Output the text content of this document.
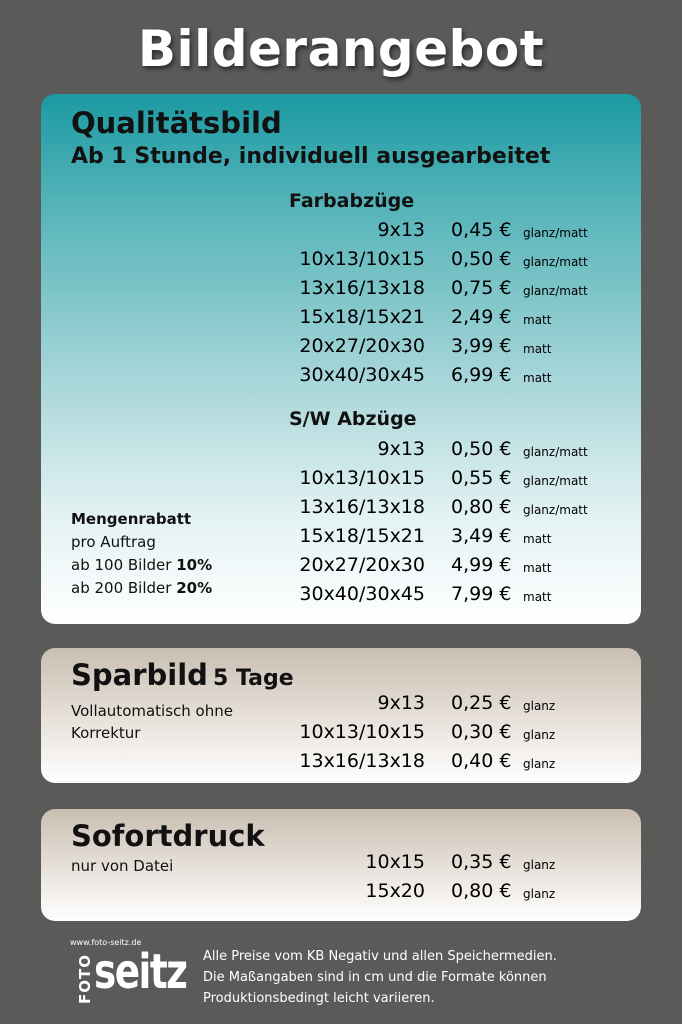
Bilderangebot
Qualitätsbild
Ab 1 Stunde, individuell ausgearbeitet
Farbabzüge
9x13 0,45 € glanz/matt
10x13/10x15 0,50 € glanz/matt
13x16/13x18 0,75 € glanz/matt
15x18/15x21 2,49 € matt
20x27/20x30 3,99 € matt
30x40/30x45 6,99 € matt
S/W Abzüge
9x13 0,50 € glanz/matt
10x13/10x15 0,55 € glanz/matt
13x16/13x18 0,80 € glanz/matt
15x18/15x21 3,49 € matt
20x27/20x30 4,99 € matt
30x40/30x45 7,99 € matt
Mengenrabatt
pro Auftrag
ab 100 Bilder 10%
ab 200 Bilder 20%
Sparbild 5 Tage
Vollautomatisch ohne
Korrektur
9x13 0,25 € glanz
10x13/10x15 0,30 € glanz
13x16/13x18 0,40 € glanz
Sofortdruck
nur von Datei	10x15 0,35 € glanz
15x20 0,80 € glanz
www.foto-seitz.de
FOTO seitz Alle Preise vom KB Negativ und allen Speichermedien.
Die Maßangaben sind in cm und die Formate können
Produktionsbedingt leicht variieren.
